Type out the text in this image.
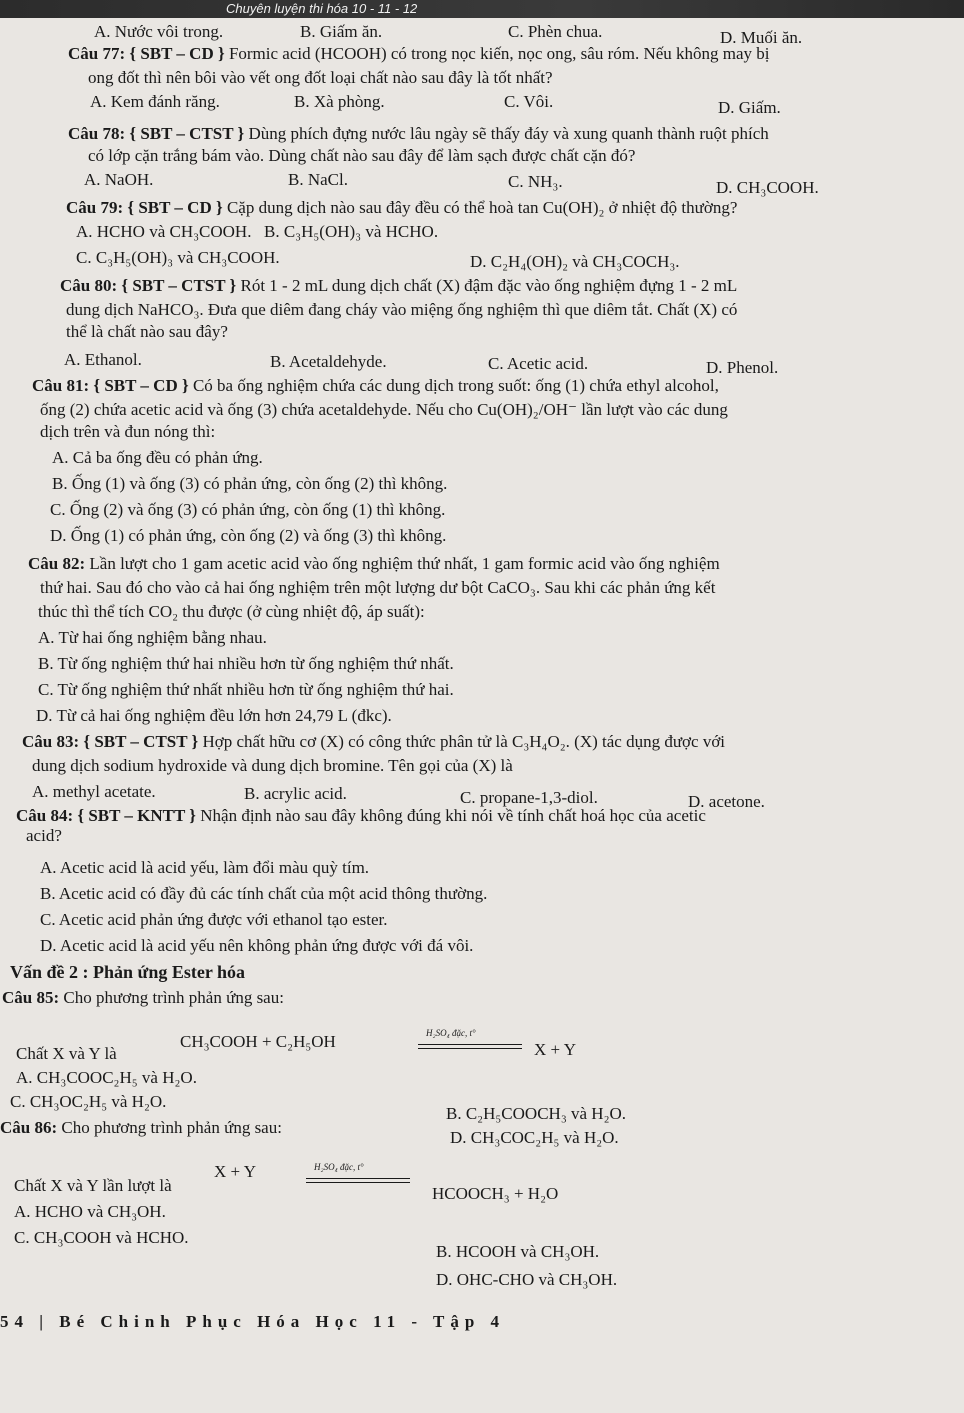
Chuyên luyện thi hóa 10 - 11 - 12
A. Nước vôi trong.	B. Giấm ăn.	C. Phèn chua.	D. Muối ăn.
Câu 77: { SBT – CD } Formic acid (HCOOH) có trong nọc kiến, nọc ong, sâu róm. Nếu không may bị
ong đốt thì nên bôi vào vết ong đốt loại chất nào sau đây là tốt nhất?
A. Kem đánh răng.	B. Xà phòng.	C. Vôi.	D. Giấm.
Câu 78: { SBT – CTST } Dùng phích đựng nước lâu ngày sẽ thấy đáy và xung quanh thành ruột phích
có lớp cặn trắng bám vào. Dùng chất nào sau đây để làm sạch được chất cặn đó?
A. NaOH.	B. NaCl.	C. NH₃.	D. CH₃COOH.
Câu 79: { SBT – CD } Cặp dung dịch nào sau đây đều có thể hoà tan Cu(OH)₂ ở nhiệt độ thường?
A. HCHO và CH₃COOH. B. C₃H₅(OH)₃ và HCHO.
C. C₃H₅(OH)₃ và CH₃COOH.	D. C₂H₄(OH)₂ và CH₃COCH₃.
Câu 80: { SBT – CTST } Rót 1 - 2 mL dung dịch chất (X) đậm đặc vào ống nghiệm đựng 1 - 2 mL
dung dịch NaHCO₃. Đưa que diêm đang cháy vào miệng ống nghiệm thì que diêm tắt. Chất (X) có
thể là chất nào sau đây?
A. Ethanol.	B. Acetaldehyde.	C. Acetic acid.	D. Phenol.
Câu 81: { SBT – CD } Có ba ống nghiệm chứa các dung dịch trong suốt: ống (1) chứa ethyl alcohol,
ống (2) chứa acetic acid và ống (3) chứa acetaldehyde. Nếu cho Cu(OH)₂/OH⁻ lần lượt vào các dung
dịch trên và đun nóng thì:
A. Cả ba ống đều có phản ứng.
B. Ống (1) và ống (3) có phản ứng, còn ống (2) thì không.
C. Ống (2) và ống (3) có phản ứng, còn ống (1) thì không.
D. Ống (1) có phản ứng, còn ống (2) và ống (3) thì không.
Câu 82: Lần lượt cho 1 gam acetic acid vào ống nghiệm thứ nhất, 1 gam formic acid vào ống nghiệm
thứ hai. Sau đó cho vào cả hai ống nghiệm trên một lượng dư bột CaCO₃. Sau khi các phản ứng kết
thúc thì thể tích CO₂ thu được (ở cùng nhiệt độ, áp suất):
A. Từ hai ống nghiệm bằng nhau.
B. Từ ống nghiệm thứ hai nhiều hơn từ ống nghiệm thứ nhất.
C. Từ ống nghiệm thứ nhất nhiều hơn từ ống nghiệm thứ hai.
D. Từ cả hai ống nghiệm đều lớn hơn 24,79 L (đkc).
Câu 83: { SBT – CTST } Hợp chất hữu cơ (X) có công thức phân tử là C₃H₄O₂. (X) tác dụng được với
dung dịch sodium hydroxide và dung dịch bromine. Tên gọi của (X) là
A. methyl acetate.	B. acrylic acid.	C. propane-1,3-diol.	D. acetone.
Câu 84: { SBT – KNTT } Nhận định nào sau đây không đúng khi nói về tính chất hoá học của acetic
acid?
A. Acetic acid là acid yếu, làm đổi màu quỳ tím.
B. Acetic acid có đầy đủ các tính chất của một acid thông thường.
C. Acetic acid phản ứng được với ethanol tạo ester.
D. Acetic acid là acid yếu nên không phản ứng được với đá vôi.
Vấn đề 2 : Phản ứng Ester hóa
Câu 85: Cho phương trình phản ứng sau:
CH₃COOH + C₂H₅OH	H₂SO₄ đặc, t°
X + Y
Chất X và Y là
A. CH₃COOC₂H₅ và H₂O.
B. C₂H₅COOCH₃ và H₂O.
C. CH₃OC₂H₅ và H₂O.
D. CH₃COC₂H₅ và H₂O.
Câu 86: Cho phương trình phản ứng sau:
X + Y	H₂SO₄ đặc, t°
HCOOCH₃ + H₂O
Chất X và Y lần lượt là
A. HCHO và CH₃OH.
B. HCOOH và CH₃OH.
C. CH₃COOH và HCHO.
D. OHC-CHO và CH₃OH.
54 | Bé Chinh Phục Hóa Học 11 - Tập 4
